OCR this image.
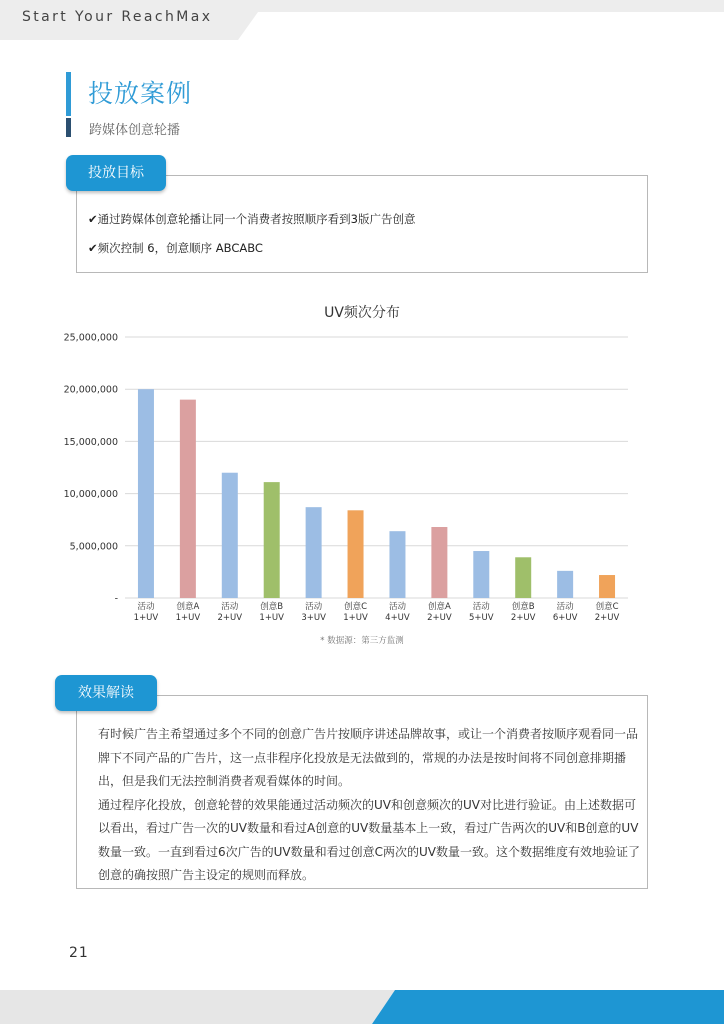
Start Your ReachMax
投放案例
跨媒体创意轮播
投放目标
✔通过跨媒体创意轮播让同一个消费者按照顺序看到3版广告创意
✔频次控制 6，创意顺序 ABCABC
UV频次分布
-
5,000,000
10,000,000
15,000,000
20,000,000
25,000,000
活动
1+UV
创意A
1+UV
活动
2+UV
创意B
1+UV
活动
3+UV
创意C
1+UV
活动
4+UV
创意A
2+UV
活动
5+UV
创意B
2+UV
活动
6+UV
创意C
2+UV
* 数据源：第三方监测
效果解读

有时候广告主希望通过多个不同的创意广告片按顺序讲述品牌故事，或让一个消费者按顺序观看同一品牌下不同产品的广告片，这一点非程序化投放是无法做到的，常规的办法是按时间将不同创意排期播出，但是我们无法控制消费者观看媒体的时间。

通过程序化投放，创意轮替的效果能通过活动频次的UV和创意频次的UV对比进行验证。由上述数据可以看出，看过广告一次的UV数量和看过A创意的UV数量基本上一致，看过广告两次的UV和B创意的UV数量一致。一直到看过6次广告的UV数量和看过创意C两次的UV数量一致。这个数据维度有效地验证了创意的确按照广告主设定的规则而释放。

21
